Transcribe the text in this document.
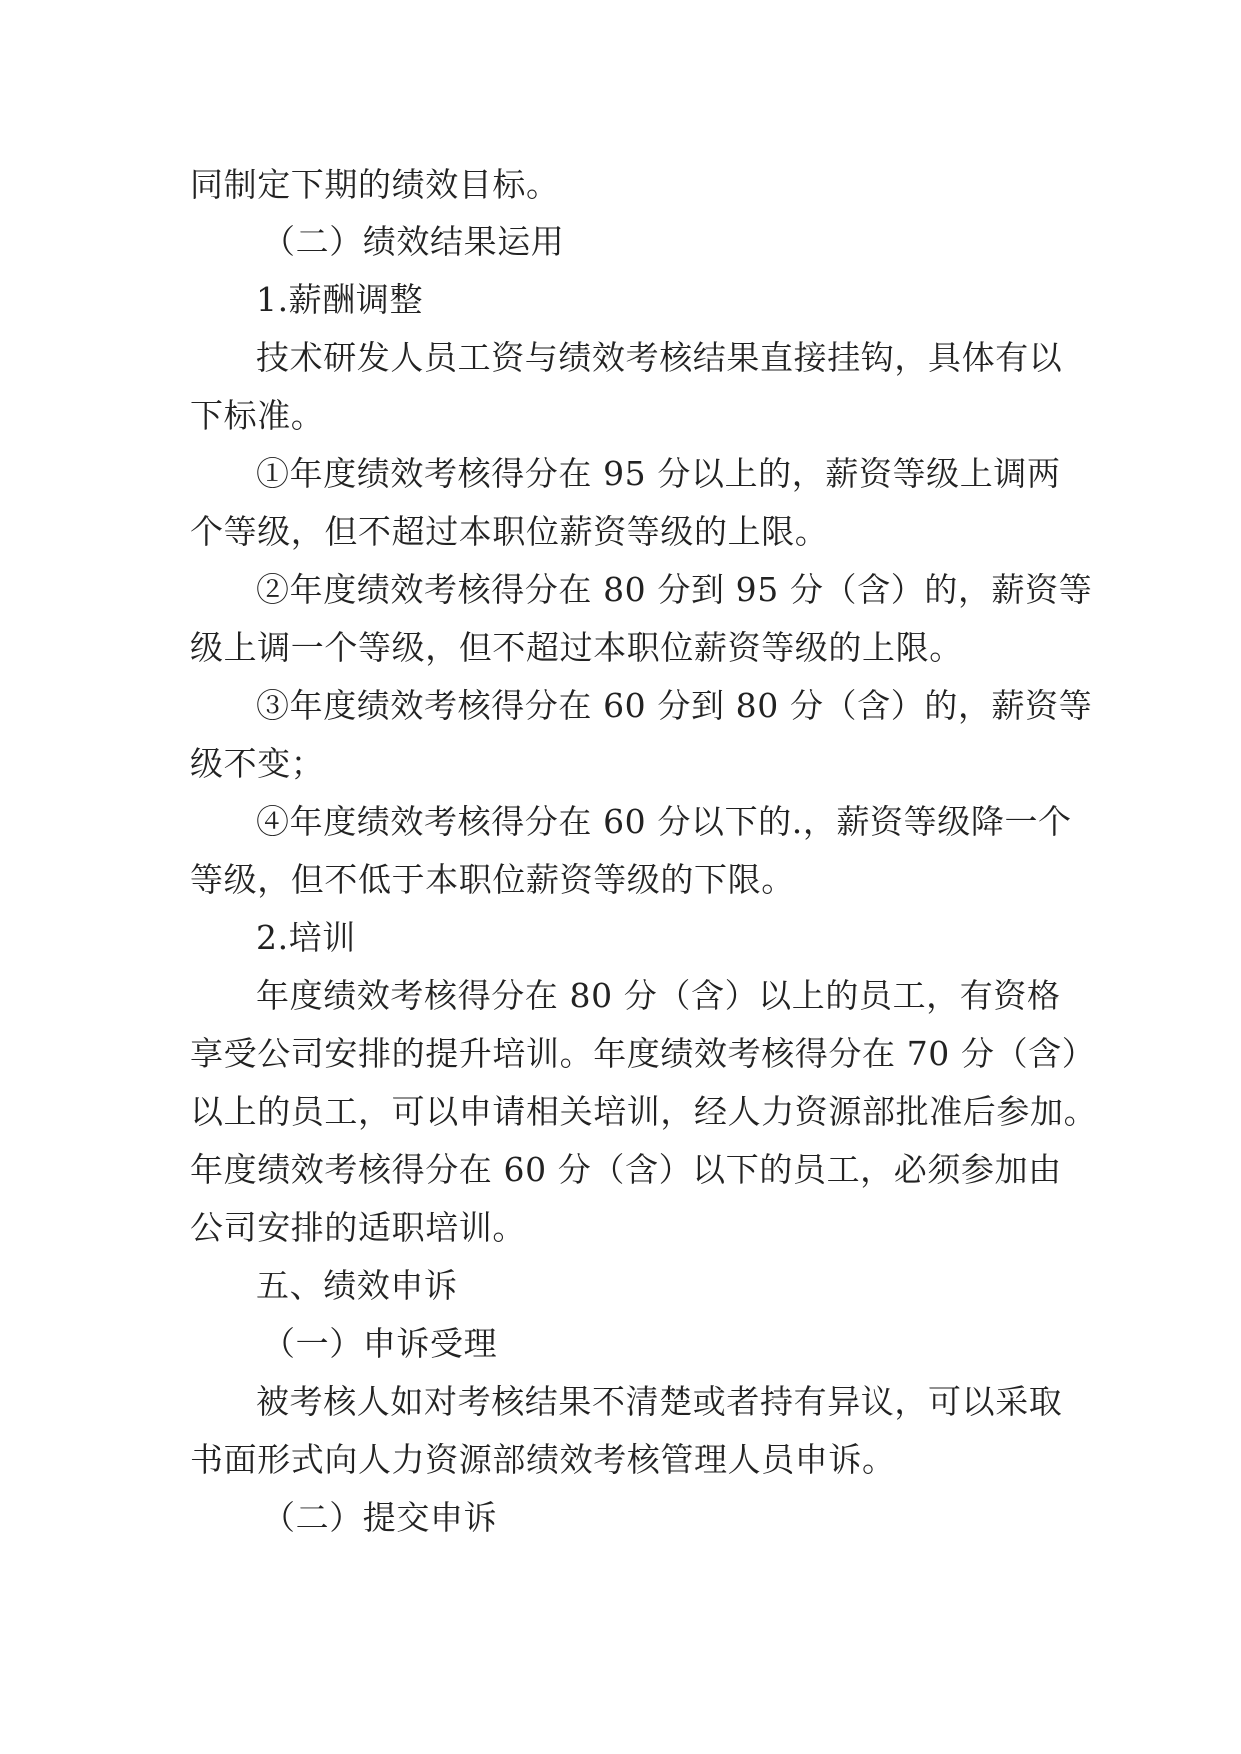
同制定下期的绩效目标。
（二）绩效结果运用
1.薪酬调整
技术研发人员工资与绩效考核结果直接挂钩，具体有以
下标准。
①年度绩效考核得分在 95 分以上的，薪资等级上调两
个等级，但不超过本职位薪资等级的上限。
②年度绩效考核得分在 80 分到 95 分（含）的，薪资等
级上调一个等级，但不超过本职位薪资等级的上限。
③年度绩效考核得分在 60 分到 80 分（含）的，薪资等
级不变；
④年度绩效考核得分在 60 分以下的.，薪资等级降一个
等级，但不低于本职位薪资等级的下限。
2.培训
年度绩效考核得分在 80 分（含）以上的员工，有资格
享受公司安排的提升培训。年度绩效考核得分在 70 分（含）
以上的员工，可以申请相关培训，经人力资源部批准后参加。
年度绩效考核得分在 60 分（含）以下的员工，必须参加由
公司安排的适职培训。
五、绩效申诉
（一）申诉受理
被考核人如对考核结果不清楚或者持有异议，可以采取
书面形式向人力资源部绩效考核管理人员申诉。
（二）提交申诉
